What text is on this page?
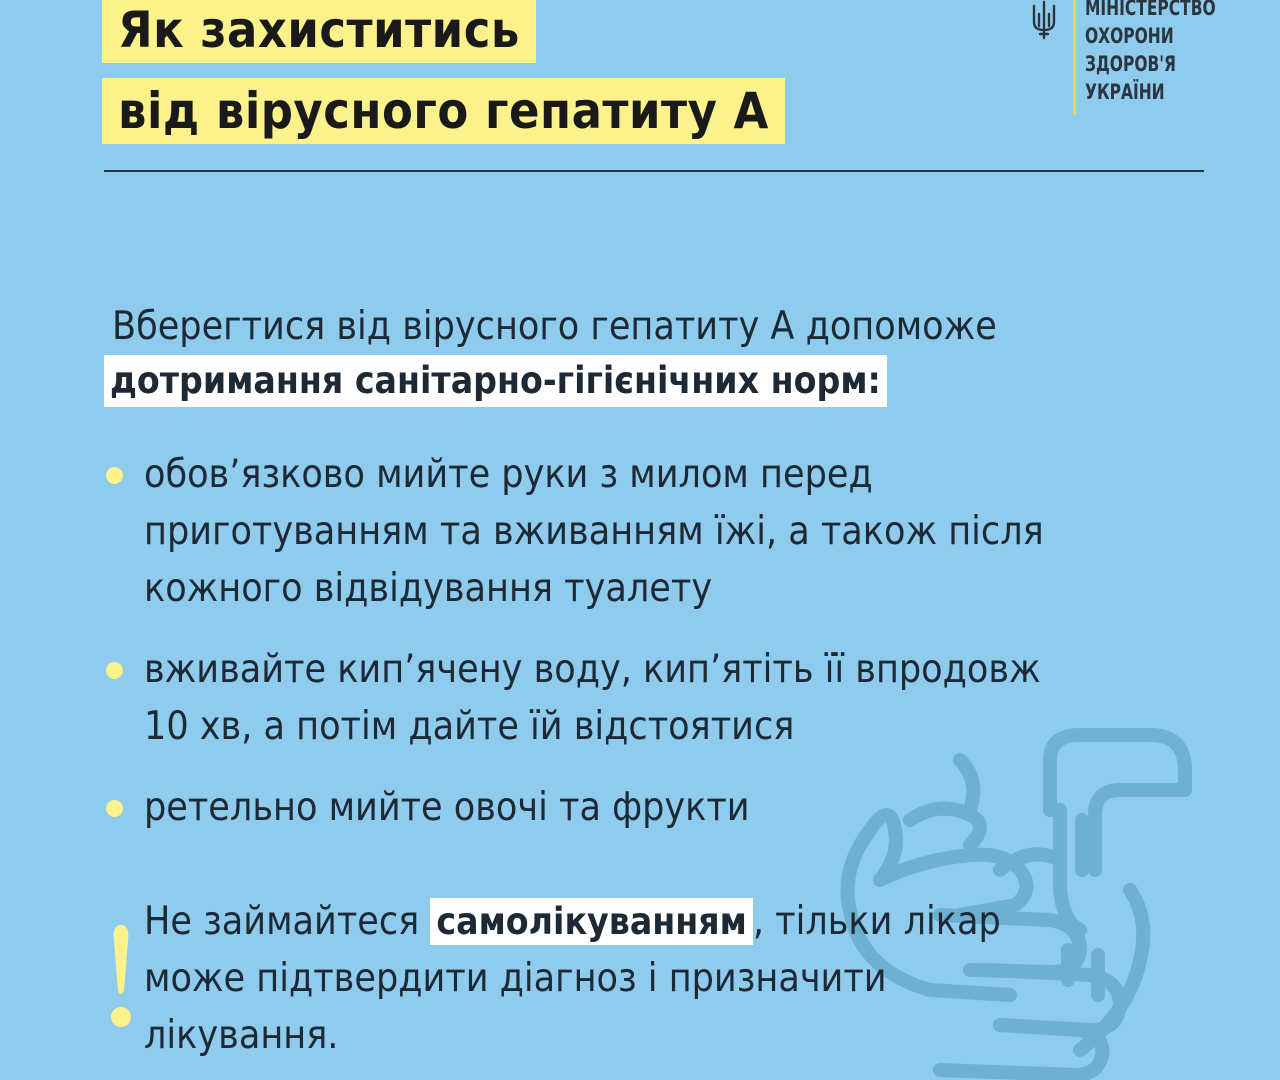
Як захиститись
від вірусного гепатиту А
МІНІСТЕРСТВО
ОХОРОНИ
ЗДОРОВ'Я
УКРАЇНИ
Вберегтися від вірусного гепатиту А допоможе
дотримання санітарно-гігієнічних норм:
обов’язково мийте руки з милом перед
приготуванням та вживанням їжі, а також після
кожного відвідування туалету
вживайте кип’ячену воду, кип’ятіть її впродовж
10 хв, а потім дайте їй відстоятися
ретельно мийте овочі та фрукти
Не займайтеся самолікуванням , тільки лікар
може підтвердити діагноз і призначити
лікування.
